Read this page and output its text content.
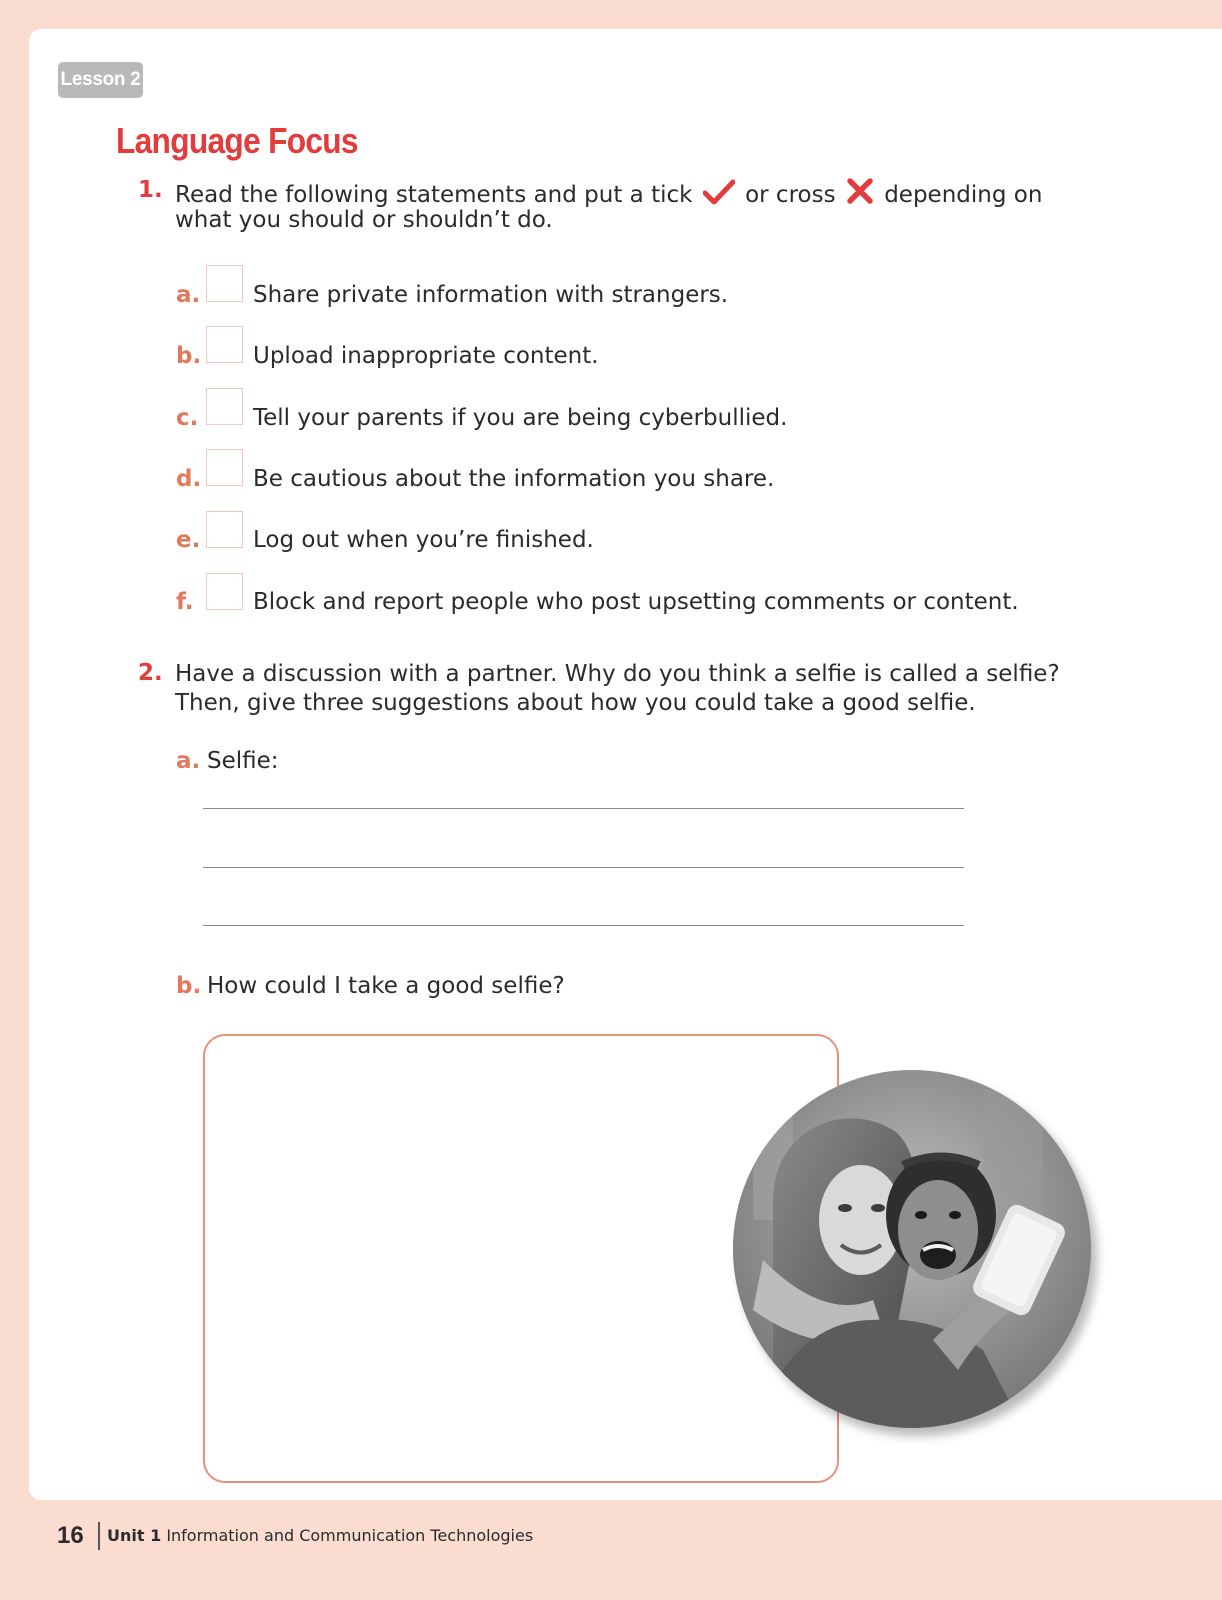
Lesson 2
Language Focus
1. Read the following statements and put a tick or cross depending on
what you should or shouldn’t do.
a. Share private information with strangers.
b. Upload inappropriate content.
c. Tell your parents if you are being cyberbullied.
d. Be cautious about the information you share.
e. Log out when you’re finished.
f.	Block and report people who post upsetting comments or content.
2. Have a discussion with a partner. Why do you think a selfie is called a selfie?
Then, give three suggestions about how you could take a good selfie.
a. Selfie:
b. How could I take a good selfie?
16 Unit 1 Information and Communication Technologies
